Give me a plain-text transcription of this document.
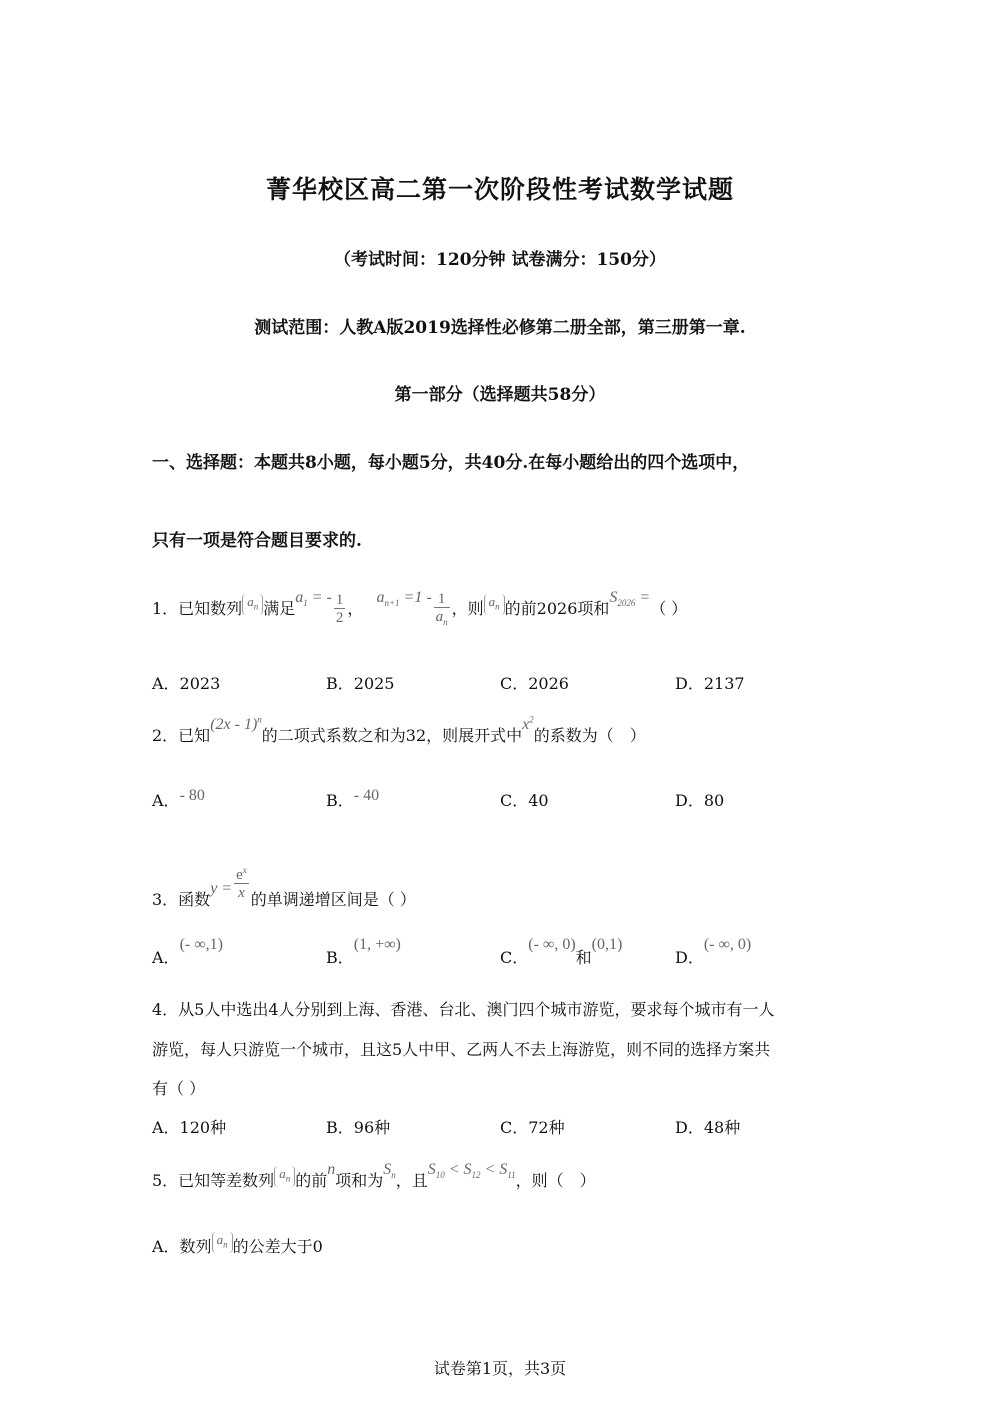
菁华校区高二第一次阶段性考试数学试题
（考试时间：120分钟 试卷满分：150分）
测试范围：人教A版2019选择性必修第二册全部，第三册第一章.
第一部分（选择题共58分）
一、选择题：本题共8小题，每小题5分，共40分.在每小题给出的四个选项中，
只有一项是符合题目要求的.
1．已知数列 $a_n$ 满足$a_1$ = - $\frac{1}{2}$ ， $a_{n+1} =1 - \frac{1}{a_n}$ ，则 $a_n$ 的前2026项和$S_{2026}$ =（ ）
A．2023	B．2025	C．2026	D．2137
2．已知(2x - 1)$^n$的二项式系数之和为32，则展开式中$x^2$的系数为（　）
A．- 80	B．- 40	C．40	D．80
3．函数$y = \frac{e^x}{x}$ 的单调递增区间是（ ）
A．(- ∞,1)
B．(1, +∞)
C．(- ∞, 0)和(0,1)
D．(- ∞, 0)
4．从5人中选出4人分别到上海、香港、台北、澳门四个城市游览，要求每个城市有一人
游览，每人只游览一个城市，且这5人中甲、乙两人不去上海游览，则不同的选择方案共
有（ ）
A．120种	B．96种	C．72种	D．48种
5．已知等差数列 $a_n$ 的前n项和为$S_n$，且$S_{10} < S_{12} < S_{11}$，则（　）
A．数列 $a_n$ 的公差大于0
试卷第1页，共3页
